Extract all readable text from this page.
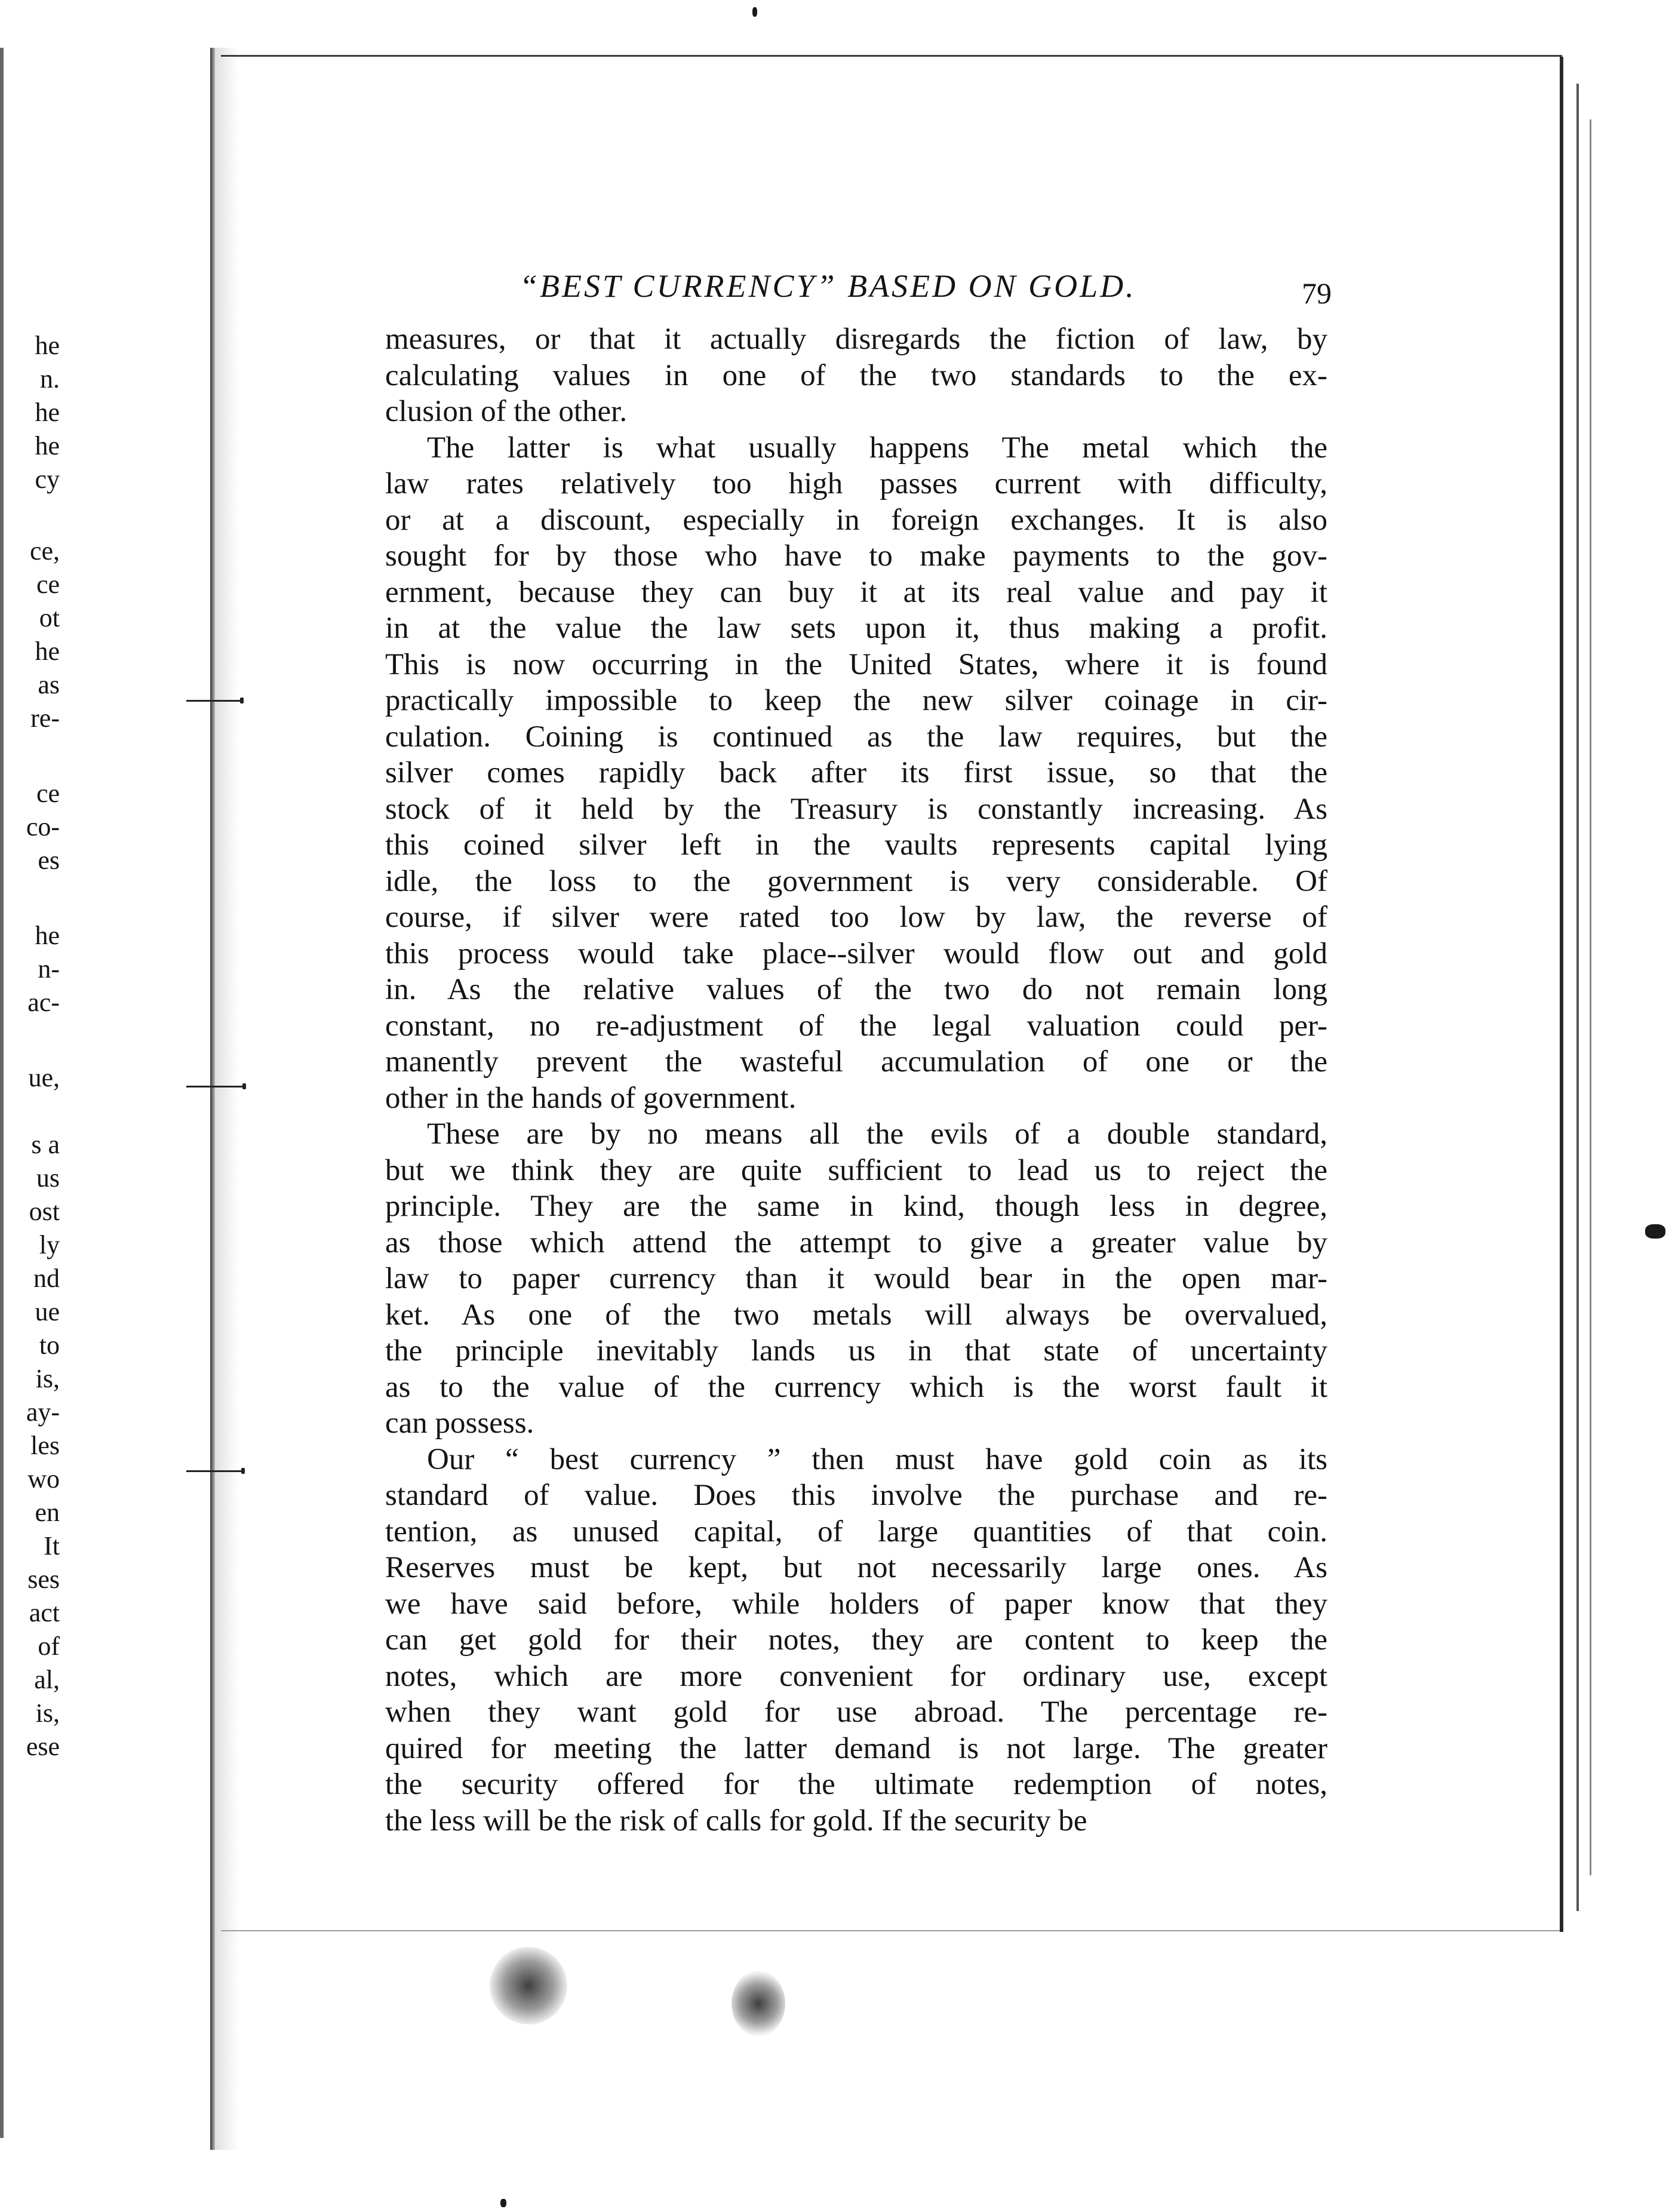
he
n.
he
he
cy
ce,
ce
ot
he
as
re-
ce
co-
es
he
n-
ac-
ue,
s a
us
ost
ly
nd
ue
to
is,
ay-
les
wo
en
It
ses
act
of
al,
is,
ese
“BEST CURRENCY” BASED ON GOLD.	79
measures, or that it actually disregards the fiction of law, by
calculating values in one of the two standards to the ex-
clusion of the other.
The latter is what usually happens The metal which the
law rates relatively too high passes current with difficulty,
or at a discount, especially in foreign exchanges. It is also
sought for by those who have to make payments to the gov-
ernment, because they can buy it at its real value and pay it
in at the value the law sets upon it, thus making a profit.
This is now occurring in the United States, where it is found
practically impossible to keep the new silver coinage in cir-
culation. Coining is continued as the law requires, but the
silver comes rapidly back after its first issue, so that the
stock of it held by the Treasury is constantly increasing. As
this coined silver left in the vaults represents capital lying
idle, the loss to the government is very considerable. Of
course, if silver were rated too low by law, the reverse of
this process would take place--silver would flow out and gold
in. As the relative values of the two do not remain long
constant, no re-adjustment of the legal valuation could per-
manently prevent the wasteful accumulation of one or the
other in the hands of government.
These are by no means all the evils of a double standard,
but we think they are quite sufficient to lead us to reject the
principle. They are the same in kind, though less in degree,
as those which attend the attempt to give a greater value by
law to paper currency than it would bear in the open mar-
ket. As one of the two metals will always be overvalued,
the principle inevitably lands us in that state of uncertainty
as to the value of the currency which is the worst fault it
can possess.
Our “ best currency ” then must have gold coin as its
standard of value. Does this involve the purchase and re-
tention, as unused capital, of large quantities of that coin.
Reserves must be kept, but not necessarily large ones. As
we have said before, while holders of paper know that they
can get gold for their notes, they are content to keep the
notes, which are more convenient for ordinary use, except
when they want gold for use abroad. The percentage re-
quired for meeting the latter demand is not large. The greater
the security offered for the ultimate redemption of notes,
the less will be the risk of calls for gold. If the security be
